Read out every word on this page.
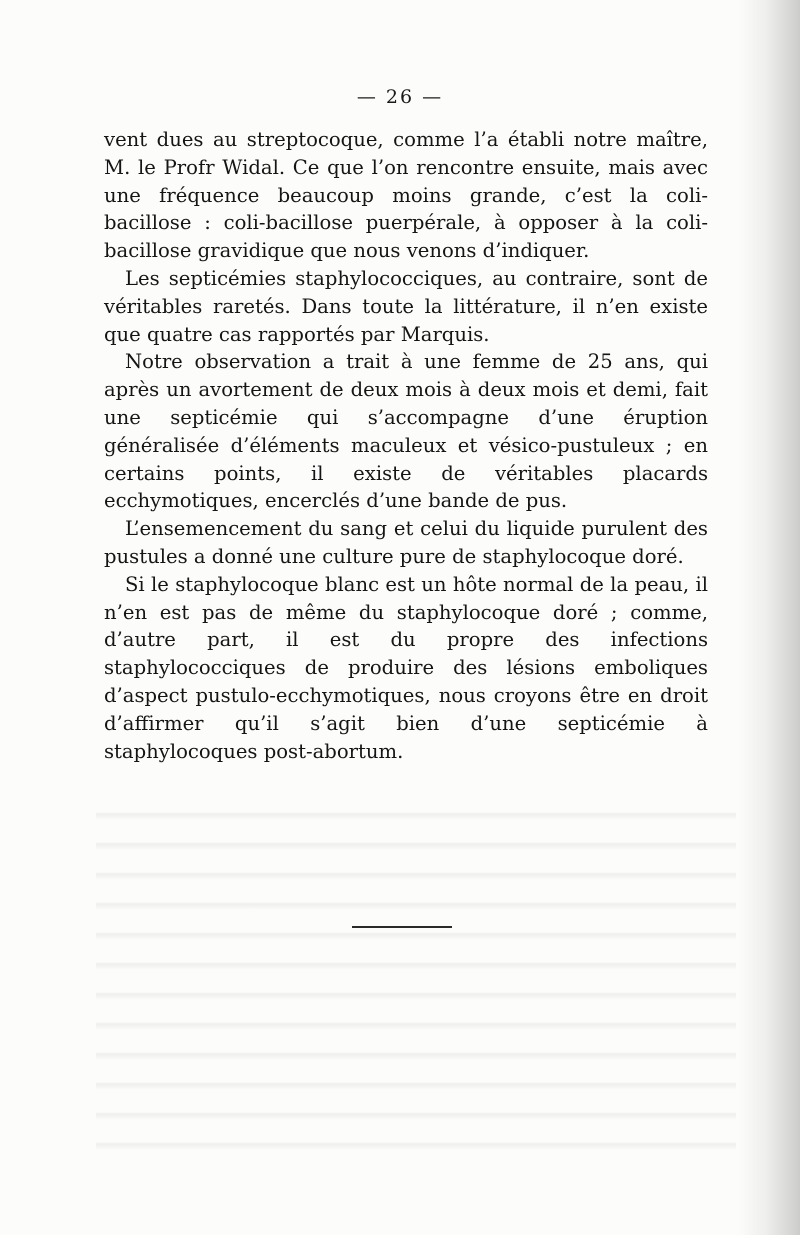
— 26 —

vent dues au streptocoque, comme l’a établi notre maître, M. le Profr Widal. Ce que l’on rencontre ensuite, mais avec une fréquence beaucoup moins grande, c’est la coli-bacillose : coli-bacillose puerpérale, à opposer à la coli-bacillose gravidique que nous venons d’indiquer.

Les septicémies staphylococciques, au contraire, sont de véritables raretés. Dans toute la littérature, il n’en existe que quatre cas rapportés par Marquis.

Notre observation a trait à une femme de 25 ans, qui après un avortement de deux mois à deux mois et demi, fait une septicémie qui s’accompagne d’une éruption généralisée d’éléments maculeux et vésico-pustuleux ; en certains points, il existe de véritables placards ecchymotiques, encerclés d’une bande de pus.

L’ensemencement du sang et celui du liquide purulent des pustules a donné une culture pure de staphylocoque doré.

Si le staphylocoque blanc est un hôte normal de la peau, il n’en est pas de même du staphylocoque doré ; comme, d’autre part, il est du propre des infections staphylococciques de produire des lésions emboliques d’aspect pustulo-ecchymotiques, nous croyons être en droit d’affirmer qu’il s’agit bien d’une septicémie à staphylocoques post-abortum.
